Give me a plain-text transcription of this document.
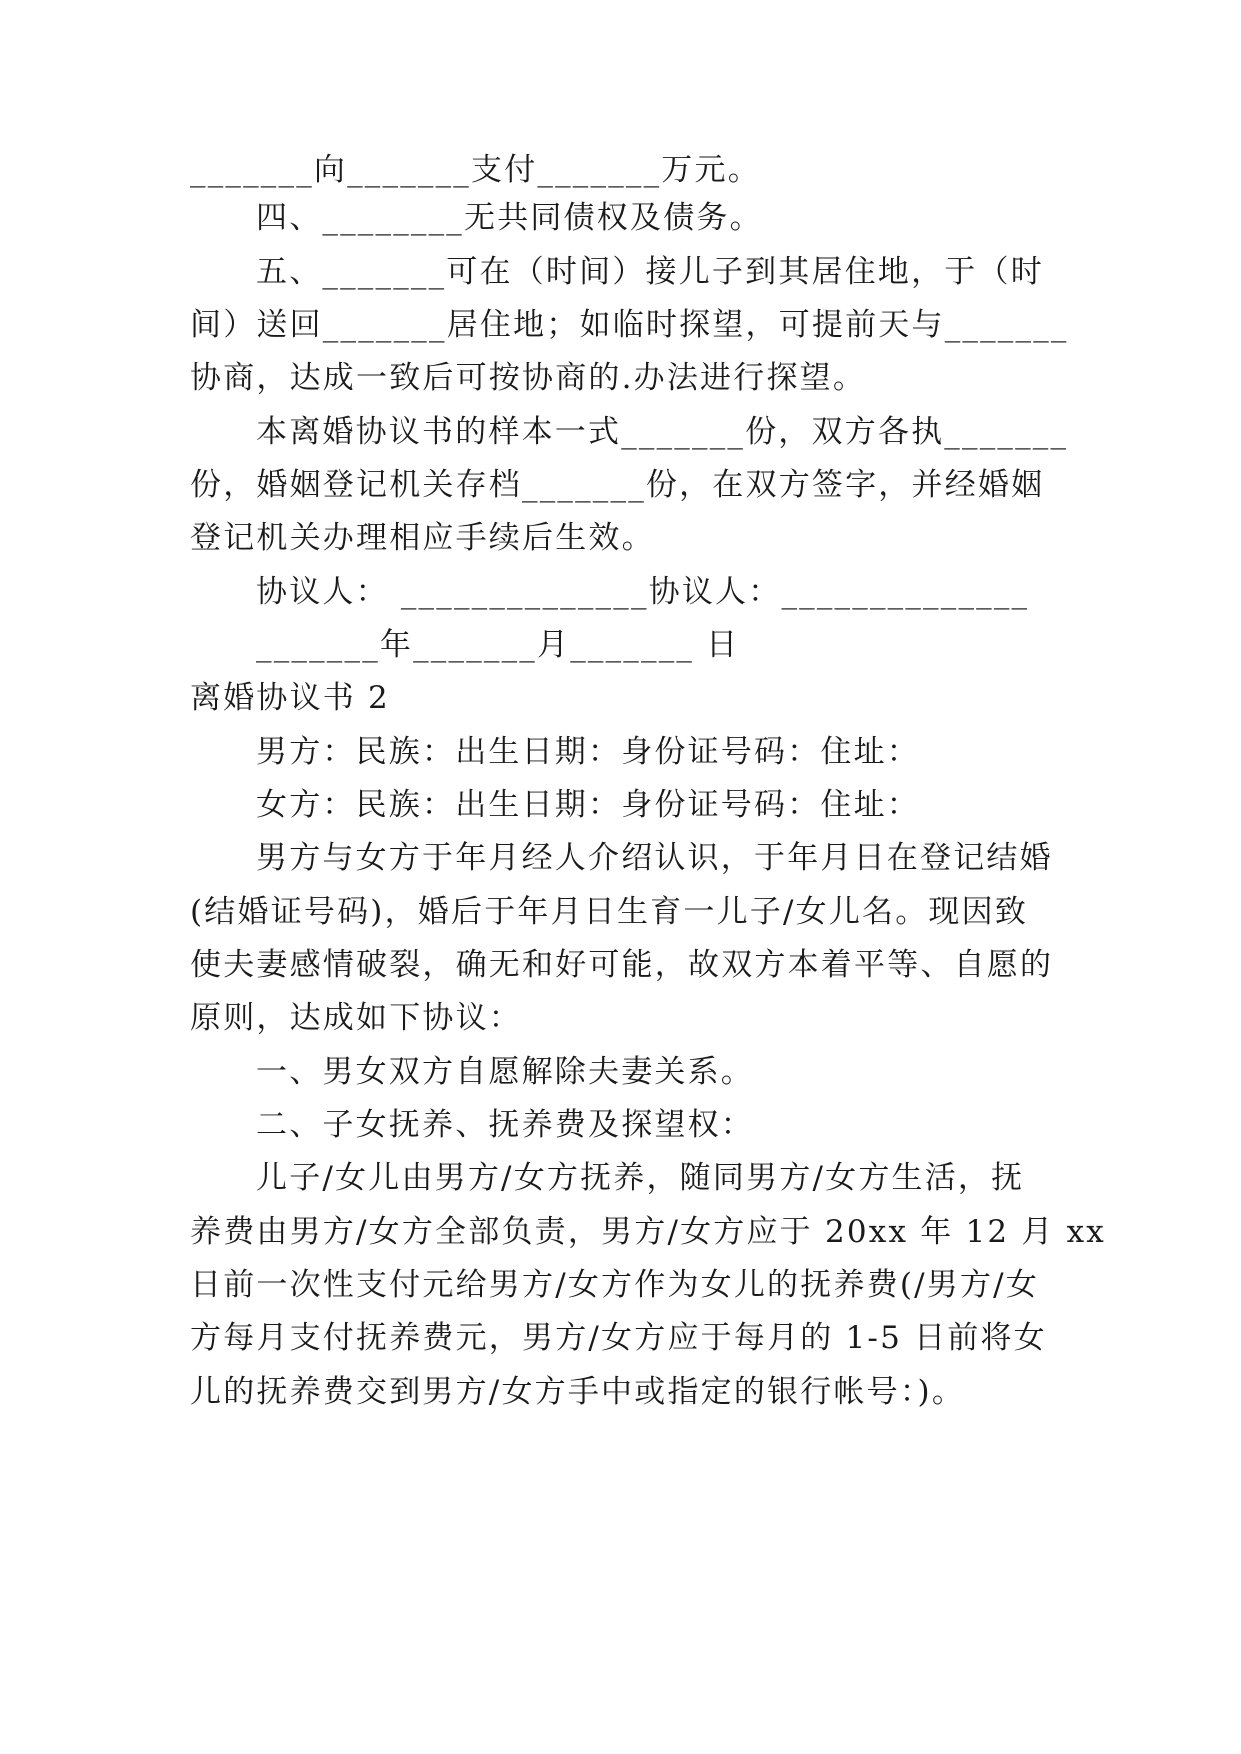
_______向_______支付_______万元。
四、________无共同债权及债务。
五、_______可在（时间）接儿子到其居住地，于（时
间）送回_______居住地；如临时探望，可提前天与_______
协商，达成一致后可按协商的.办法进行探望。
本离婚协议书的样本一式_______份，双方各执_______
份，婚姻登记机关存档_______份，在双方签字，并经婚姻
登记机关办理相应手续后生效。
协议人： ______________协议人：______________
_______年_______月_______ 日
离婚协议书 2
男方：民族：出生日期：身份证号码：住址：
女方：民族：出生日期：身份证号码：住址：
男方与女方于年月经人介绍认识，于年月日在登记结婚
(结婚证号码)，婚后于年月日生育一儿子/女儿名。现因致
使夫妻感情破裂，确无和好可能，故双方本着平等、自愿的
原则，达成如下协议：
一、男女双方自愿解除夫妻关系。
二、子女抚养、抚养费及探望权：
儿子/女儿由男方/女方抚养，随同男方/女方生活，抚
养费由男方/女方全部负责，男方/女方应于 20xx 年 12 月 xx
日前一次性支付元给男方/女方作为女儿的抚养费(/男方/女
方每月支付抚养费元，男方/女方应于每月的 1-5 日前将女
儿的抚养费交到男方/女方手中或指定的银行帐号：)。
